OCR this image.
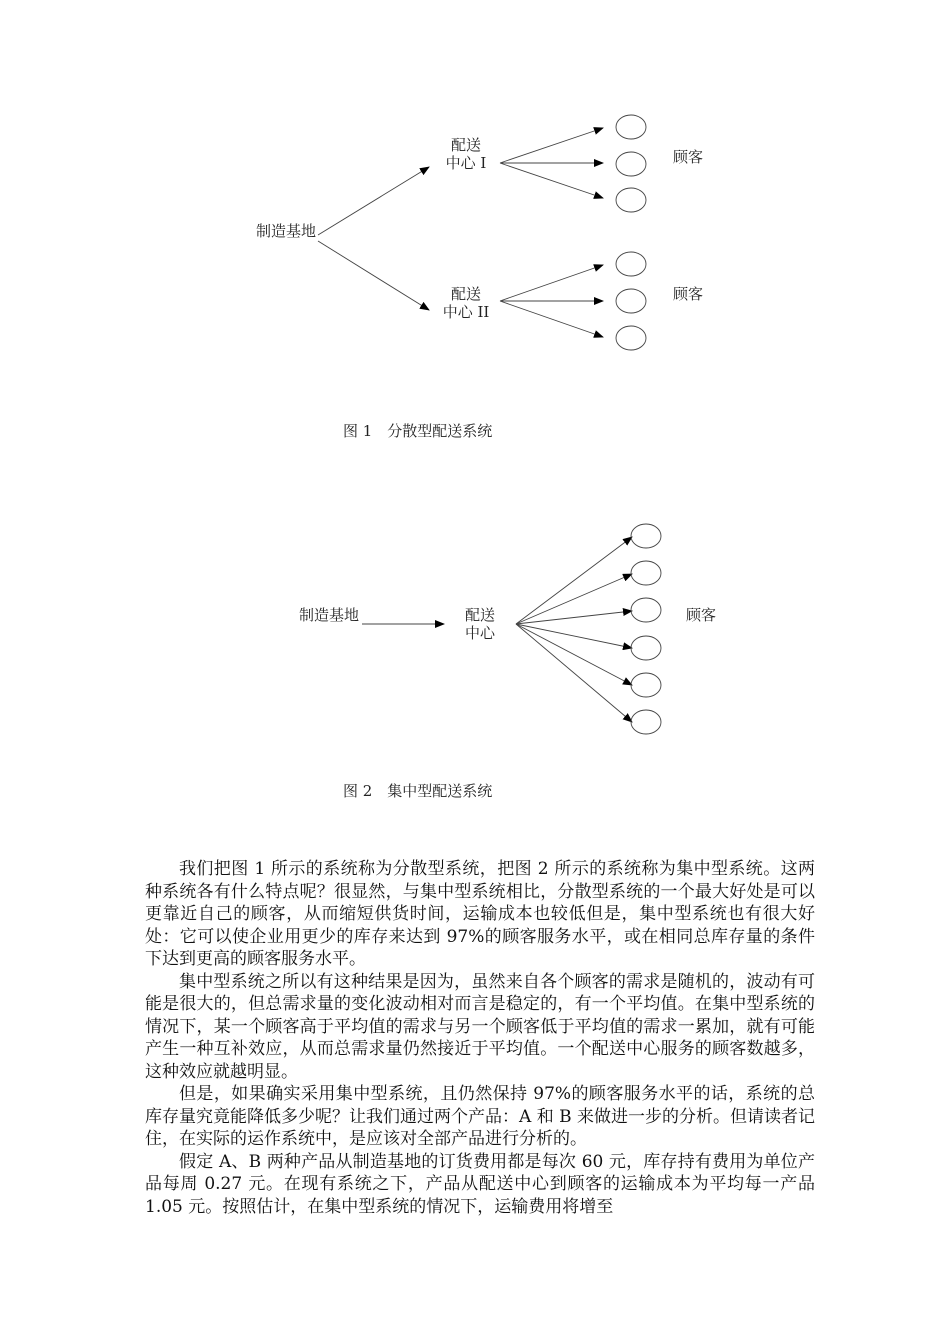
制造基地
配送
中心 I
配送
中心 II
顾客
顾客
图 1　分散型配送系统
制造基地	配送
中心
顾客
图 2　集中型配送系统

我们把图 1 所示的系统称为分散型系统，把图 2 所示的系统称为集中型系统。这两种系统各有什么特点呢？很显然，与集中型系统相比，分散型系统的一个最大好处是可以更靠近自己的顾客，从而缩短供货时间，运输成本也较低但是，集中型系统也有很大好处：它可以使企业用更少的库存来达到 97%的顾客服务水平，或在相同总库存量的条件下达到更高的顾客服务水平。

集中型系统之所以有这种结果是因为，虽然来自各个顾客的需求是随机的，波动有可能是很大的，但总需求量的变化波动相对而言是稳定的，有一个平均值。在集中型系统的情况下，某一个顾客高于平均值的需求与另一个顾客低于平均值的需求一累加，就有可能产生一种互补效应，从而总需求量仍然接近于平均值。一个配送中心服务的顾客数越多，这种效应就越明显。

但是，如果确实采用集中型系统，且仍然保持 97%的顾客服务水平的话，系统的总库存量究竟能降低多少呢？让我们通过两个产品：A 和 B 来做进一步的分析。但请读者记住，在实际的运作系统中，是应该对全部产品进行分析的。

假定 A、B 两种产品从制造基地的订货费用都是每次 60 元，库存持有费用为单位产品每周 0.27 元。在现有系统之下，产品从配送中心到顾客的运输成本为平均每一产品 1.05 元。按照估计，在集中型系统的情况下，运输费用将增至
